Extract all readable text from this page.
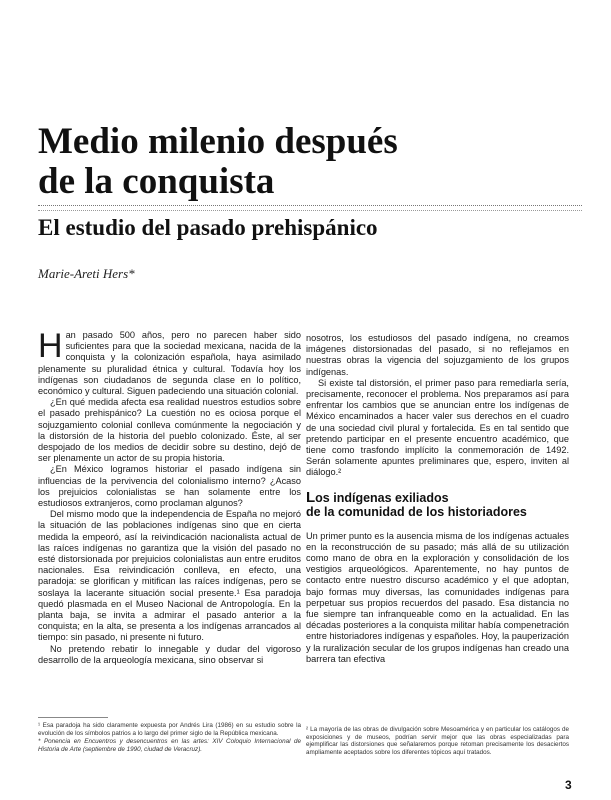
Medio milenio después
de la conquista
El estudio del pasado prehispánico
Marie-Areti Hers*

Han pasado 500 años, pero no parecen haber sido suficientes para que la sociedad mexicana, nacida de la conquista y la colonización española, haya asimilado plenamente su pluralidad étnica y cultural. Todavía hoy los indígenas son ciudadanos de segunda clase en lo político, económico y cultural. Siguen padeciendo una situación colonial.

¿En qué medida afecta esa realidad nuestros estudios sobre el pasado prehispánico? La cuestión no es ociosa porque el sojuzgamiento colonial conlleva comúnmente la negociación y la distorsión de la historia del pueblo colonizado. Éste, al ser despojado de los medios de decidir sobre su destino, dejó de ser plenamente un actor de su propia historia.

¿En México logramos historiar el pasado indígena sin influencias de la pervivencia del colonialismo interno? ¿Acaso los prejuicios colonialistas se han solamente entre los estudiosos extranjeros, como proclaman algunos?

Del mismo modo que la independencia de España no mejoró la situación de las poblaciones indígenas sino que en cierta medida la empeoró, así la reivindicación nacionalista actual de las raíces indígenas no garantiza que la visión del pasado no esté distorsionada por prejuicios colonialistas aun entre eruditos nacionales. Esa reivindicación conlleva, en efecto, una paradoja: se glorifican y mitifican las raíces indígenas, pero se soslaya la lacerante situación social presente.¹ Esa paradoja quedó plasmada en el Museo Nacional de Antropología. En la planta baja, se invita a admirar el pasado anterior a la conquista; en la alta, se presenta a los indígenas arrancados al tiempo: sin pasado, ni presente ni futuro.

No pretendo rebatir lo innegable y dudar del vigoroso desarrollo de la arqueología mexicana, sino observar si

nosotros, los estudiosos del pasado indígena, no creamos imágenes distorsionadas del pasado, si no reflejamos en nuestras obras la vigencia del sojuzgamiento de los grupos indígenas.

Si existe tal distorsión, el primer paso para remediarla sería, precisamente, reconocer el problema. Nos preparamos así para enfrentar los cambios que se anuncian entre los indígenas de México encaminados a hacer valer sus derechos en el cuadro de una sociedad civil plural y fortalecida. Es en tal sentido que pretendo participar en el presente encuentro académico, que tiene como trasfondo implícito la conmemoración de 1492. Serán solamente apuntes preliminares que, espero, inviten al diálogo.²

Los indígenas exiliados
de la comunidad de los historiadores

Un primer punto es la ausencia misma de los indígenas actuales en la reconstrucción de su pasado; más allá de su utilización como mano de obra en la exploración y consolidación de los vestigios arqueológicos. Aparentemente, no hay puntos de contacto entre nuestro discurso académico y el que adoptan, bajo formas muy diversas, las comunidades indígenas para perpetuar sus propios recuerdos del pasado. Esa distancia no fue siempre tan infranqueable como en la actualidad. En las décadas posteriores a la conquista militar había compenetración entre historiadores indígenas y españoles. Hoy, la pauperización y la ruralización secular de los grupos indígenas han creado una barrera tan efectiva

¹ Esa paradoja ha sido claramente expuesta por Andrés Lira (1986) en su estudio sobre la evolución de los símbolos patrios a lo largo del primer siglo de la República mexicana.

* Ponencia en Encuentros y desencuentros en las artes: XIV Coloquio Internacional de Historia de Arte (septiembre de 1990, ciudad de Veracruz).

² La mayoría de las obras de divulgación sobre Mesoamérica y en particular los catálogos de exposiciones y de museos, podrían servir mejor que las obras especializadas para ejemplificar las distorsiones que señalaremos porque retoman precisamente los desaciertos ampliamente aceptados sobre los diferentes tópicos aquí tratados.

3
